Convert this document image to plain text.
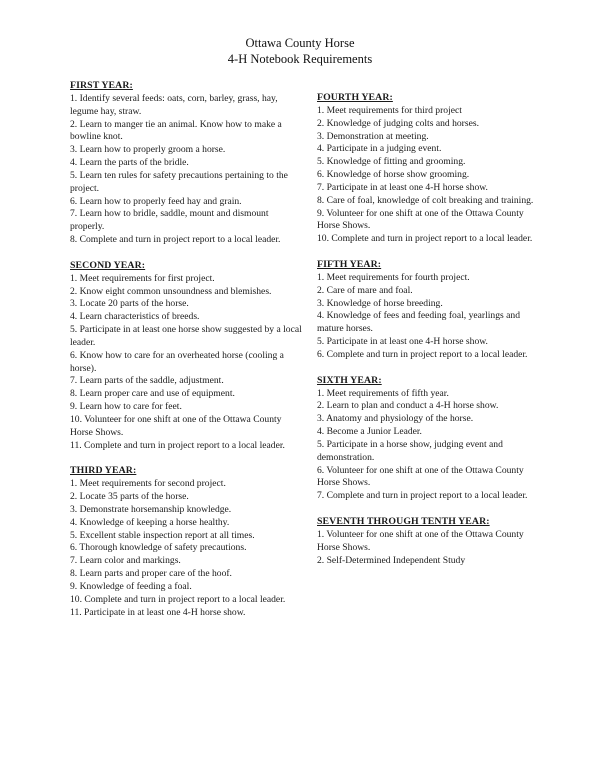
Ottawa County Horse
4-H Notebook Requirements
FIRST YEAR:
1. Identify several feeds: oats, corn, barley, grass, hay, legume hay, straw.
2. Learn to manger tie an animal. Know how to make a bowline knot.
3. Learn how to properly groom a horse.
4. Learn the parts of the bridle.
5. Learn ten rules for safety precautions pertaining to the project.
6. Learn how to properly feed hay and grain.
7. Learn how to bridle, saddle, mount and dismount properly.
8. Complete and turn in project report to a local leader.
SECOND YEAR:
1. Meet requirements for first project.
2. Know eight common unsoundness and blemishes.
3. Locate 20 parts of the horse.
4. Learn characteristics of breeds.
5. Participate in at least one horse show suggested by a local leader.
6. Know how to care for an overheated horse (cooling a horse).
7. Learn parts of the saddle, adjustment.
8. Learn proper care and use of equipment.
9. Learn how to care for feet.
10. Volunteer for one shift at one of the Ottawa County Horse Shows.
11. Complete and turn in project report to a local leader.
THIRD YEAR:
1. Meet requirements for second project.
2. Locate 35 parts of the horse.
3. Demonstrate horsemanship knowledge.
4. Knowledge of keeping a horse healthy.
5. Excellent stable inspection report at all times.
6. Thorough knowledge of safety precautions.
7. Learn color and markings.
8. Learn parts and proper care of the hoof.
9. Knowledge of feeding a foal.
10. Complete and turn in project report to a local leader.
11. Participate in at least one 4-H horse show.
FOURTH YEAR:
1. Meet requirements for third project
2. Knowledge of judging colts and horses.
3. Demonstration at meeting.
4. Participate in a judging event.
5. Knowledge of fitting and grooming.
6. Knowledge of horse show grooming.
7. Participate in at least one 4-H horse show.
8. Care of foal, knowledge of colt breaking and training.
9. Volunteer for one shift at one of the Ottawa County Horse Shows.
10. Complete and turn in project report to a local leader.
FIFTH YEAR:
1. Meet requirements for fourth project.
2. Care of mare and foal.
3. Knowledge of horse breeding.
4. Knowledge of fees and feeding foal, yearlings and mature horses.
5. Participate in at least one 4-H horse show.
6. Complete and turn in project report to a local leader.
SIXTH YEAR:
1. Meet requirements of fifth year.
2. Learn to plan and conduct a 4-H horse show.
3. Anatomy and physiology of the horse.
4. Become a Junior Leader.
5. Participate in a horse show, judging event and demonstration.
6. Volunteer for one shift at one of the Ottawa County Horse Shows.
7. Complete and turn in project report to a local leader.
SEVENTH THROUGH TENTH YEAR:
1. Volunteer for one shift at one of the Ottawa County Horse Shows.
2. Self-Determined Independent Study
